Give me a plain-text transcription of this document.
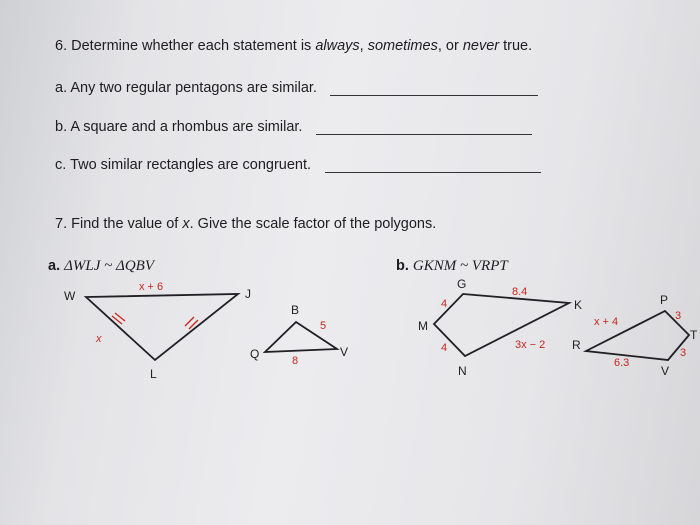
6. Determine whether each statement is always, sometimes, or never true.
a. Any two regular pentagons are similar.
b. A square and a rhombus are similar.
c. Two similar rectangles are congruent.
7. Find the value of x. Give the scale factor of the polygons.
a. ΔWLJ ~ ΔQBV	b. GKNM ~ VRPT
W	J
L
x + 6
x
Q
B
V
5
8
G
K
N
M
8.4
4
4	3x − 2 R
P
T
V
x + 4	3
3
6.3
